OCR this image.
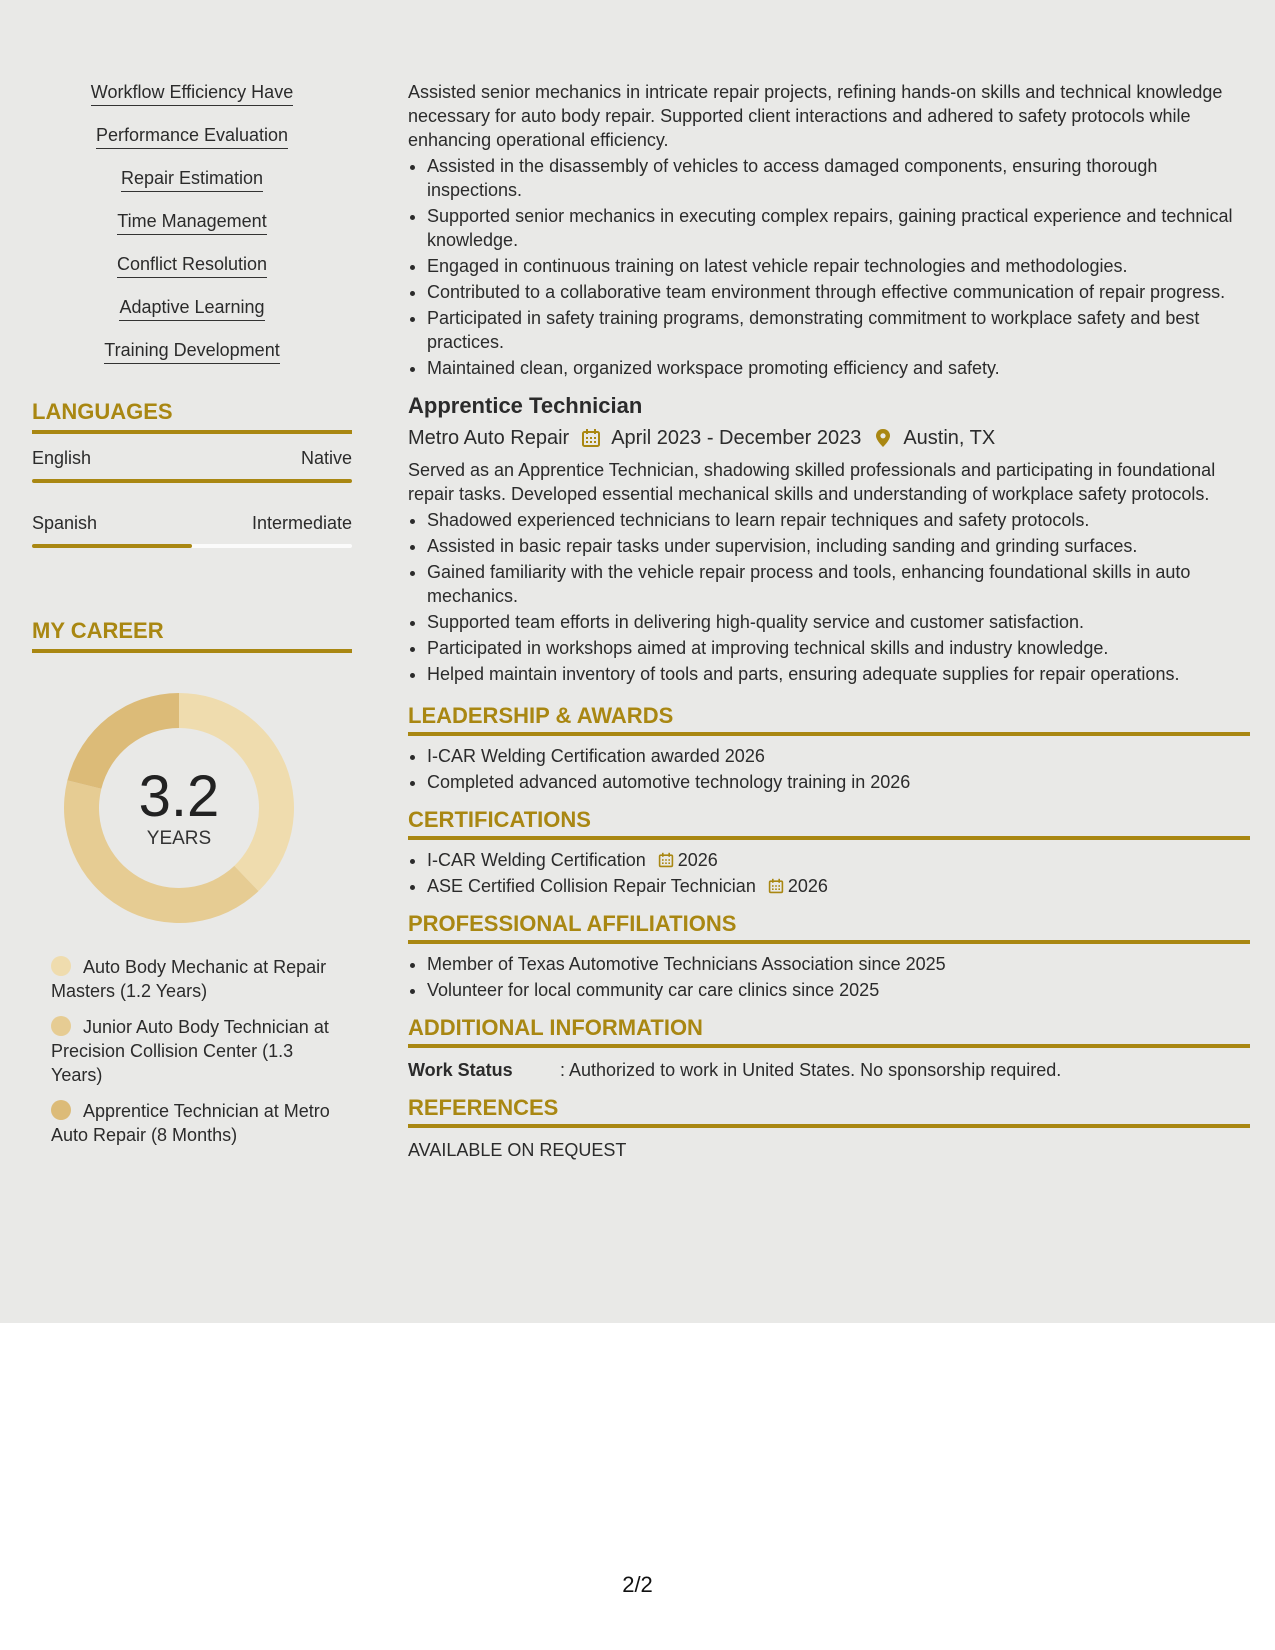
Workflow Efficiency Have
Performance Evaluation
Repair Estimation
Time Management
Conflict Resolution
Adaptive Learning
Training Development
LANGUAGES
English	Native
Spanish	Intermediate
MY CAREER
3.2
YEARS
Auto Body Mechanic at Repair Masters (1.2 Years)
Junior Auto Body Technician at Precision Collision Center (1.3 Years)
Apprentice Technician at Metro Auto Repair (8 Months)

Assisted senior mechanics in intricate repair projects, refining hands-on skills and technical knowledge necessary for auto body repair. Supported client interactions and adhered to safety protocols while enhancing operational efficiency.

• Assisted in the disassembly of vehicles to access damaged components, ensuring thorough inspections.
• Supported senior mechanics in executing complex repairs, gaining practical experience and technical knowledge.
• Engaged in continuous training on latest vehicle repair technologies and methodologies.
• Contributed to a collaborative team environment through effective communication of repair progress.
• Participated in safety training programs, demonstrating commitment to workplace safety and best practices.
• Maintained clean, organized workspace promoting efficiency and safety.
Apprentice Technician
Metro Auto Repair April 2023 - December 2023 Austin, TX

Served as an Apprentice Technician, shadowing skilled professionals and participating in foundational repair tasks. Developed essential mechanical skills and understanding of workplace safety protocols.

• Shadowed experienced technicians to learn repair techniques and safety protocols.
• Assisted in basic repair tasks under supervision, including sanding and grinding surfaces.
• Gained familiarity with the vehicle repair process and tools, enhancing foundational skills in auto mechanics.
• Supported team efforts in delivering high-quality service and customer satisfaction.
• Participated in workshops aimed at improving technical skills and industry knowledge.
• Helped maintain inventory of tools and parts, ensuring adequate supplies for repair operations.
LEADERSHIP & AWARDS
• I-CAR Welding Certification awarded 2026
• Completed advanced automotive technology training in 2026
CERTIFICATIONS
• I-CAR Welding Certification 2026
• ASE Certified Collision Repair Technician 2026
PROFESSIONAL AFFILIATIONS
• Member of Texas Automotive Technicians Association since 2025
• Volunteer for local community car care clinics since 2025
ADDITIONAL INFORMATION
Work Status	: Authorized to work in United States. No sponsorship required.
REFERENCES

AVAILABLE ON REQUEST

2/2
